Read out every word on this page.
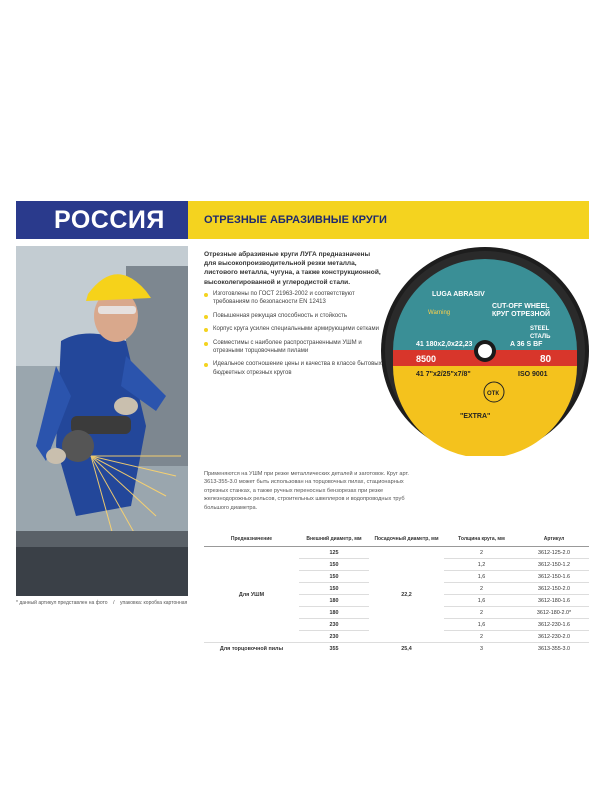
РОССИЯ	ОТРЕЗНЫЕ АБРАЗИВНЫЕ КРУГИ
Отрезные абразивные круги ЛУГА предназначены для высокопроизводительной резки металла, листового металла, чугуна, а также конструкционной, высоколегированной и углеродистой стали.
Изготовлены по ГОСТ 21963-2002 и соответствуют требованиям по безопасности EN 12413
Повышенная режущая способность и стойкость
Корпус круга усилен специальными армирующими сетками
Совместимы с наиболее распространенными УШМ и отрезными торцовочными пилами
Идеальное соотношение цены и качества в классе бытовых бюджетных отрезных кругов
LUGA ABRASIV
CUT-OFF WHEEL
КРУГ ОТРЕЗНОЙ
Warning
STEEL
СТАЛЬ
41 180x2,0x22,23	A 36 S BF
8500	80
41 7"x2/25"x7/8"	ISO 9001
ОТК
"EXTRA"
Применяются на УШМ при резке металлических деталей и заготовок. Круг арт. 3613-355-3.0 может быть использован на торцовочных пилах, стационарных отрезных станках, а также ручных переносных бензорезах при резке железнодорожных рельсов, строительных швеллеров и водопроводных труб большого диаметра.
Предназначение	Внешний диаметр, мм	Посадочный диаметр, мм	Толщина круга, мм	Артикул
Для УШМ	125	22,2	2	3612-125-2.0
	150		1,2	3612-150-1.2
	150		1,6	3612-150-1.6
	150		2	3612-150-2.0
	180		1,6	3612-180-1.6
	180		2	3612-180-2.0*
	230		1,6	3612-230-1.6
	230		2	3612-230-2.0
Для торцовочной пилы	355	25,4	3	3613-355-3.0
* данный артикул представлен на фото    /    упаковка: коробка картонная
